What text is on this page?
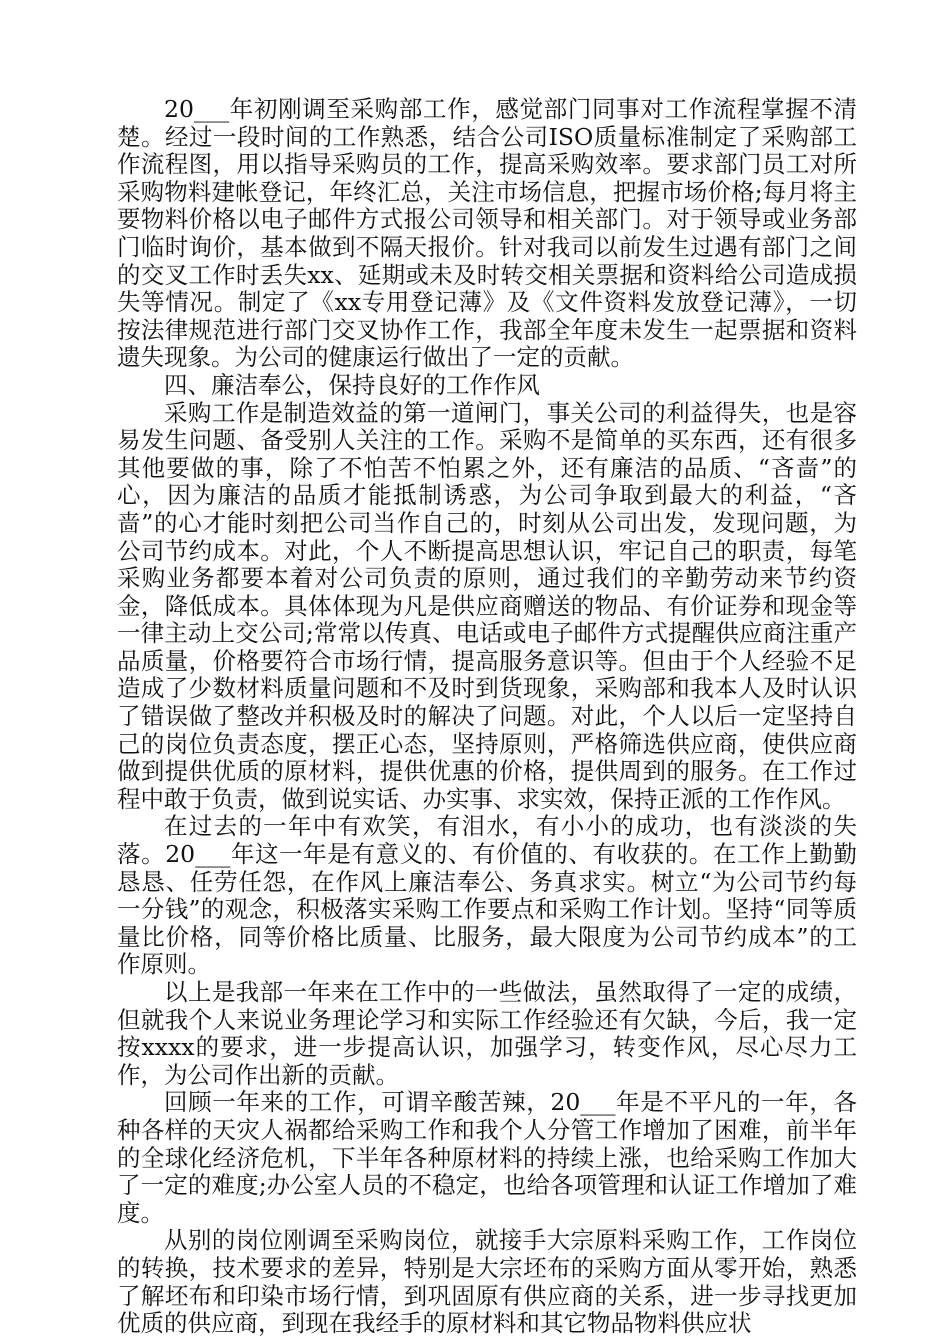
20___年初刚调至采购部工作，感觉部门同事对工作流程掌握不清楚。经过一段时间的工作熟悉，结合公司ISO质量标准制定了采购部工作流程图，用以指导采购员的工作，提高采购效率。要求部门员工对所采购物料建帐登记，年终汇总，关注市场信息，把握市场价格;每月将主要物料价格以电子邮件方式报公司领导和相关部门。对于领导或业务部门临时询价，基本做到不隔天报价。针对我司以前发生过遇有部门之间的交叉工作时丢失xx、延期或未及时转交相关票据和资料给公司造成损失等情况。制定了《xx专用登记薄》及《文件资料发放登记薄》，一切按法律规范进行部门交叉协作工作，我部全年度未发生一起票据和资料遗失现象。为公司的健康运行做出了一定的贡献。

四、廉洁奉公，保持良好的工作作风

采购工作是制造效益的第一道闸门，事关公司的利益得失，也是容易发生问题、备受别人关注的工作。采购不是简单的买东西，还有很多其他要做的事，除了不怕苦不怕累之外，还有廉洁的品质、“吝啬”的心，因为廉洁的品质才能抵制诱惑，为公司争取到最大的利益，“吝啬”的心才能时刻把公司当作自己的，时刻从公司出发，发现问题，为公司节约成本。对此，个人不断提高思想认识，牢记自己的职责，每笔采购业务都要本着对公司负责的原则，通过我们的辛勤劳动来节约资金，降低成本。具体体现为凡是供应商赠送的物品、有价证券和现金等一律主动上交公司;常常以传真、电话或电子邮件方式提醒供应商注重产品质量，价格要符合市场行情，提高服务意识等。但由于个人经验不足造成了少数材料质量问题和不及时到货现象，采购部和我本人及时认识了错误做了整改并积极及时的解决了问题。对此，个人以后一定坚持自己的岗位负责态度，摆正心态，坚持原则，严格筛选供应商，使供应商做到提供优质的原材料，提供优惠的价格，提供周到的服务。在工作过程中敢于负责，做到说实话、办实事、求实效，保持正派的工作作风。

在过去的一年中有欢笑，有泪水，有小小的成功，也有淡淡的失落。20___年这一年是有意义的、有价值的、有收获的。在工作上勤勤恳恳、任劳任怨，在作风上廉洁奉公、务真求实。树立“为公司节约每一分钱”的观念，积极落实采购工作要点和采购工作计划。坚持“同等质量比价格，同等价格比质量、比服务，最大限度为公司节约成本”的工作原则。

以上是我部一年来在工作中的一些做法，虽然取得了一定的成绩，但就我个人来说业务理论学习和实际工作经验还有欠缺，今后，我一定按xxxx的要求，进一步提高认识，加强学习，转变作风，尽心尽力工作，为公司作出新的贡献。

回顾一年来的工作，可谓辛酸苦辣，20___年是不平凡的一年，各种各样的天灾人祸都给采购工作和我个人分管工作增加了困难，前半年的全球化经济危机，下半年各种原材料的持续上涨，也给采购工作加大了一定的难度;办公室人员的不稳定，也给各项管理和认证工作增加了难度。

从别的岗位刚调至采购岗位，就接手大宗原料采购工作，工作岗位的转换，技术要求的差异，特别是大宗坯布的采购方面从零开始，熟悉了解坯布和印染市场行情，到巩固原有供应商的关系，进一步寻找更加优质的供应商，到现在我经手的原材料和其它物品物料供应状
